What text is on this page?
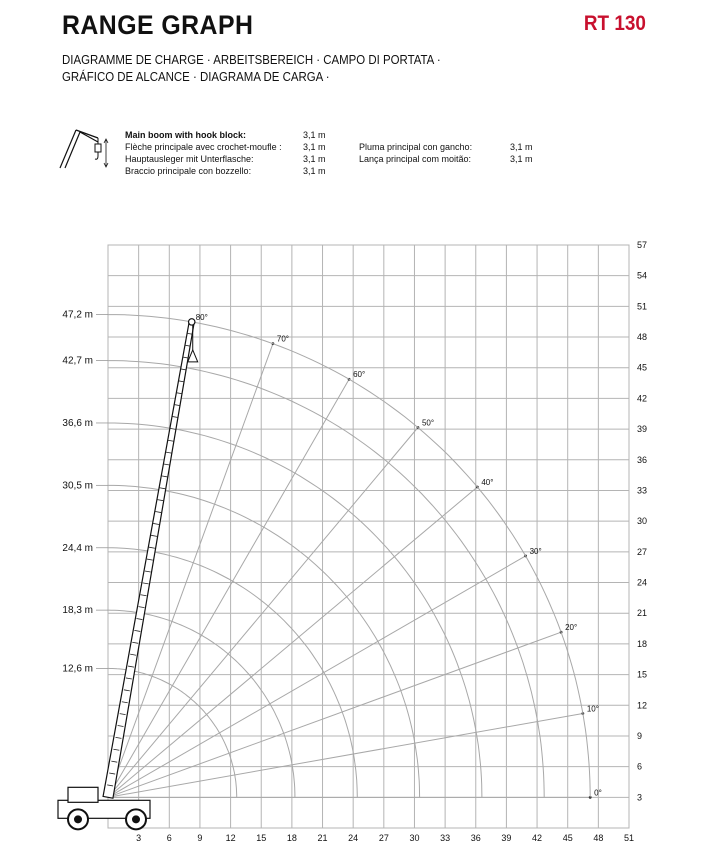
RANGE GRAPH	RT 130
DIAGRAMME DE CHARGE · ARBEITSBEREICH · CAMPO DI PORTATA ·
GRÁFICO DE ALCANCE · DIAGRAMA DE CARGA ·
Main boom with hook block:	3,1 m
Flèche principale avec crochet-moufle :	3,1 m
Hauptausleger mit Unterflasche:	3,1 m
Braccio principale con bozzello:	3,1 m
Pluma principal con gancho:	3,1 m
Lança principal com moitão:	3,1 m
3	6	9	12 15 18 21 24 27 30 33 36 39 42 45 48 51
3
6
9
12
15
18
21
24
27
30
33
36
39
42
45
48
51
54
57
0°
10°
20°
30°
40°
50°
60°
70°
80°
12,6 m
18,3 m
24,4 m
30,5 m
36,6 m
42,7 m
47,2 m
